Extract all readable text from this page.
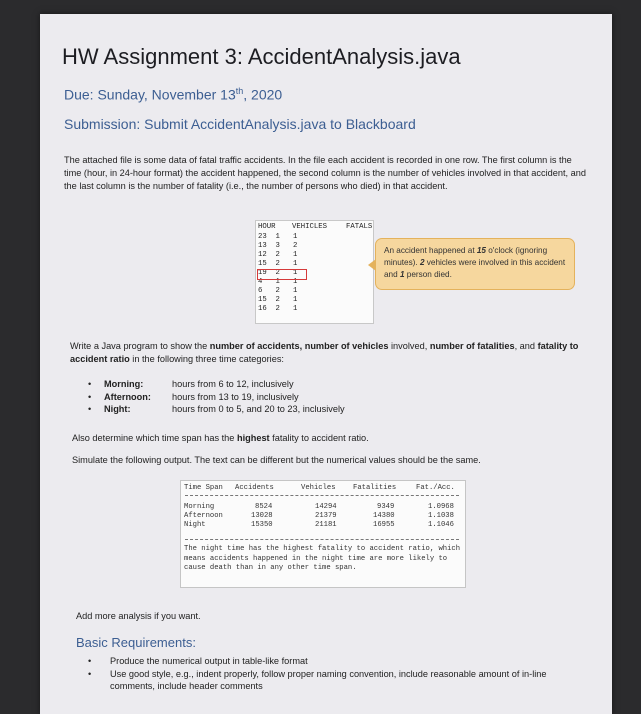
HW Assignment 3: AccidentAnalysis.java
Due: Sunday, November 13th, 2020
Submission: Submit AccidentAnalysis.java to Blackboard
The attached file is some data of fatal traffic accidents. In the file each accident is recorded in one row. The first column is the time (hour, in 24-hour format) the accident happened, the second column is the number of vehicles involved in that accident, and the last column is the number of fatality (i.e., the number of persons who died) in that accident.
HOUR VEHICLES	FATALS
23  1   1
13  3   2
12  2   1
15  2   1
19  2   1
4   1   1
6   2   1
15  2   1
16  2   1
An accident happened at 15 o'clock (ignoring minutes). 2 vehicles were involved in this accident and 1 person died.
Write a Java program to show the number of accidents, number of vehicles involved, number of fatalities, and fatality to accident ratio in the following three time categories:
• Morning:	hours from 6 to 12, inclusively
• Afternoon: hours from 13 to 19, inclusively
• Night:	hours from 0 to 5, and 20 to 23, inclusively
Also determine which time span has the highest fatality to accident ratio.
Simulate the following output. The text can be different but the numerical values should be the same.
Time Span Accidents	Vehicles Fatalities	Fat./Acc.
Morning	8524	14294	9349	1.0968
Afternoon	13028	21379	14380	1.1038
Night	15350	21181	16955	1.1046
The night time has the highest fatality to accident ratio, which means accidents happened in the night time are more likely to cause death than in any other time span.
Add more analysis if you want.
Basic Requirements:
• Produce the numerical output in table-like format
• Use good style, e.g., indent properly, follow proper naming convention, include reasonable amount of in-line comments, include header comments
